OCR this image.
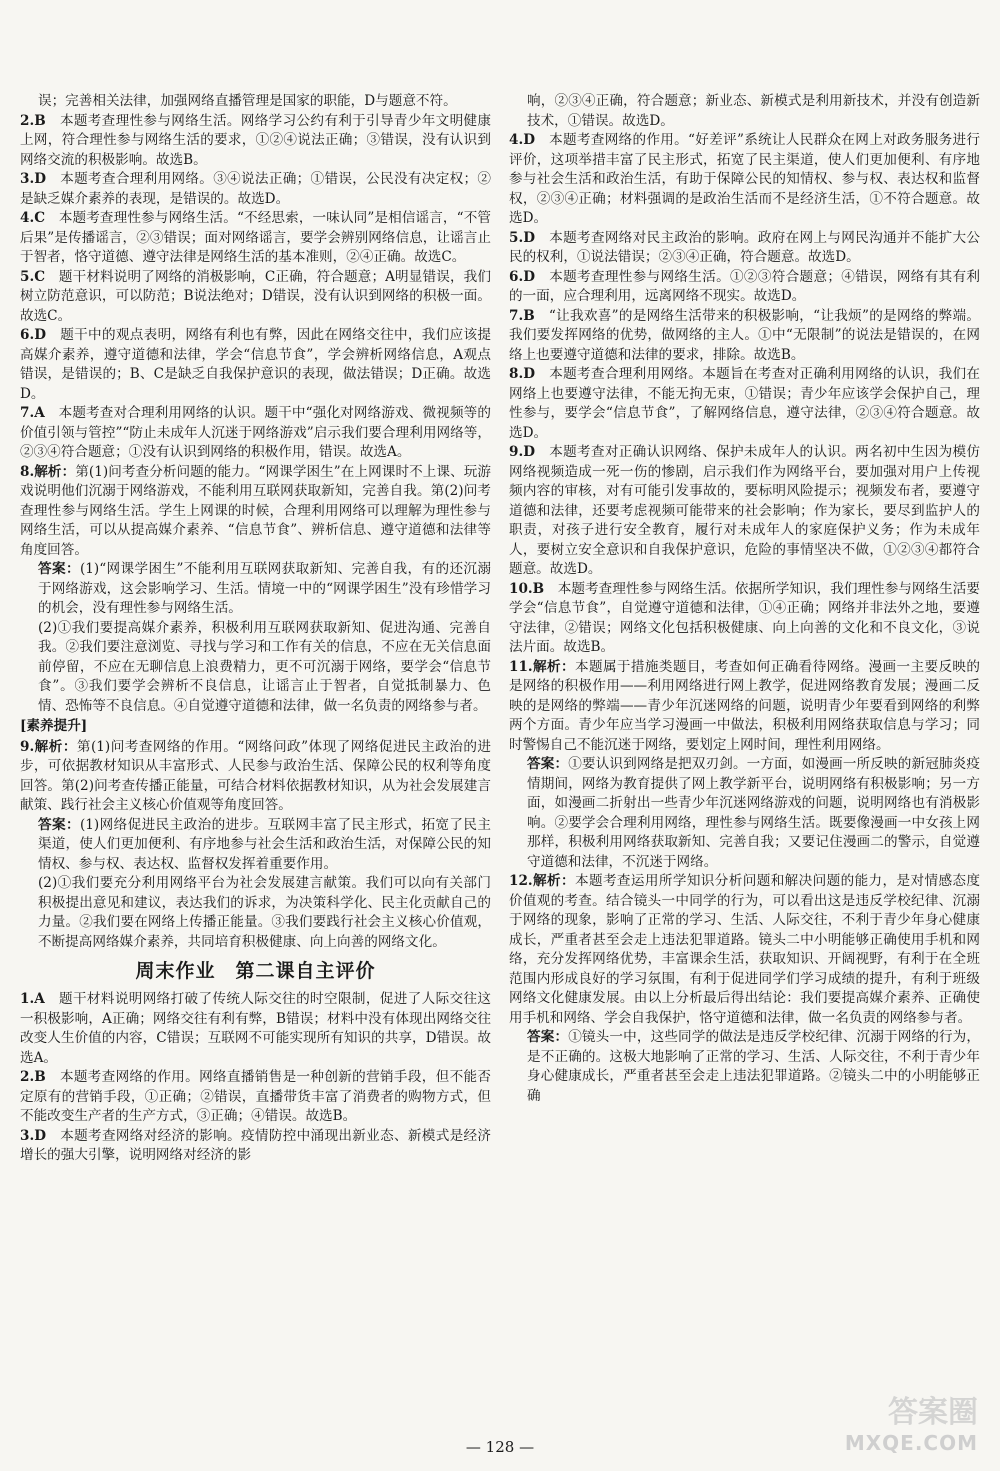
误；完善相关法律，加强网络直播管理是国家的职能，D与题意不符。

2.B　 本题考查理性参与网络生活。网络学习公约有利于引导青少年文明健康上网，符合理性参与网络生活的要求，①②④说法正确；③错误，没有认识到网络交流的积极影响。故选B。
3.D　 本题考查合理利用网络。③④说法正确；①错误，公民没有决定权；②是缺乏媒介素养的表现，是错误的。故选D。
4.C　 本题考查理性参与网络生活。“不经思索，一味认同”是相信谣言，“不管后果”是传播谣言，②③错误；面对网络谣言，要学会辨别网络信息，让谣言止于智者，恪守道德、遵守法律是网络生活的基本准则，②④正确。故选C。
5.C　 题干材料说明了网络的消极影响，C正确，符合题意；A明显错误，我们树立防范意识，可以防范；B说法绝对；D错误，没有认识到网络的积极一面。故选C。
6.D　 题干中的观点表明，网络有利也有弊，因此在网络交往中，我们应该提高媒介素养，遵守道德和法律，学会“信息节食”，学会辨析网络信息，A观点错误，是错误的；B、C是缺乏自我保护意识的表现，做法错误；D正确。故选D。
7.A　 本题考查对合理利用网络的认识。题干中“强化对网络游戏、微视频等的价值引领与管控”“防止未成年人沉迷于网络游戏”启示我们要合理利用网络等，②③④符合题意；①没有认识到网络的积极作用，错误。故选A。
8.解析：第(1)问考查分析问题的能力。“网课学困生”在上网课时不上课、玩游戏说明他们沉溺于网络游戏，不能利用互联网获取新知，完善自我。第(2)问考查理性参与网络生活。学生上网课的时候，合理利用网络可以理解为理性参与网络生活，可以从提高媒介素养、“信息节食”、辨析信息、遵守道德和法律等角度回答。
答案：(1)“网课学困生”不能利用互联网获取新知、完善自我，有的还沉溺于网络游戏，这会影响学习、生活。情境一中的“网课学困生”没有珍惜学习的机会，没有理性参与网络生活。
(2)①我们要提高媒介素养，积极利用互联网获取新知、促进沟通、完善自我。②我们要注意浏览、寻找与学习和工作有关的信息，不应在无关信息面前停留，不应在无聊信息上浪费精力，更不可沉溺于网络，要学会“信息节食”。③我们要学会辨析不良信息，让谣言止于智者，自觉抵制暴力、色情、恐怖等不良信息。④自觉遵守道德和法律，做一名负责的网络参与者。
[素养提升]
9.解析：第(1)问考查网络的作用。“网络问政”体现了网络促进民主政治的进步，可依据教材知识从丰富形式、人民参与政治生活、保障公民的权利等角度回答。第(2)问考查传播正能量，可结合材料依据教材知识，从为社会发展建言献策、践行社会主义核心价值观等角度回答。
答案：(1)网络促进民主政治的进步。互联网丰富了民主形式，拓宽了民主渠道，使人们更加便利、有序地参与社会生活和政治生活，对保障公民的知情权、参与权、表达权、监督权发挥着重要作用。
(2)①我们要充分利用网络平台为社会发展建言献策。我们可以向有关部门积极提出意见和建议，表达我们的诉求，为决策科学化、民主化贡献自己的力量。②我们要在网络上传播正能量。③我们要践行社会主义核心价值观，不断提高网络媒介素养，共同培育积极健康、向上向善的网络文化。
周末作业　第二课自主评价
1.A　 题干材料说明网络打破了传统人际交往的时空限制，促进了人际交往这一积极影响，A正确；网络交往有利有弊，B错误；材料中没有体现出网络交往改变人生价值的内容，C错误；互联网不可能实现所有知识的共享，D错误。故选A。
2.B　 本题考查网络的作用。网络直播销售是一种创新的营销手段，但不能否定原有的营销手段，①正确；②错误，直播带货丰富了消费者的购物方式，但不能改变生产者的生产方式，③正确；④错误。故选B。
3.D　 本题考查网络对经济的影响。疫情防控中涌现出新业态、新模式是经济增长的强大引擎，说明网络对经济的影

响，②③④正确，符合题意；新业态、新模式是利用新技术，并没有创造新技术，①错误。故选D。

4.D　 本题考查网络的作用。“好差评”系统让人民群众在网上对政务服务进行评价，这项举措丰富了民主形式，拓宽了民主渠道，使人们更加便利、有序地参与社会生活和政治生活，有助于保障公民的知情权、参与权、表达权和监督权，②③④正确；材料强调的是政治生活而不是经济生活，①不符合题意。故选D。
5.D　 本题考查网络对民主政治的影响。政府在网上与网民沟通并不能扩大公民的权利，①说法错误；②③④正确，符合题意。故选D。
6.D　 本题考查理性参与网络生活。①②③符合题意；④错误，网络有其有利的一面，应合理利用，远离网络不现实。故选D。
7.B　 “让我欢喜”的是网络生活带来的积极影响，“让我烦”的是网络的弊端。我们要发挥网络的优势，做网络的主人。①中“无限制”的说法是错误的，在网络上也要遵守道德和法律的要求，排除。故选B。
8.D　 本题考查合理利用网络。本题旨在考查对正确利用网络的认识，我们在网络上也要遵守法律，不能无拘无束，①错误；青少年应该学会保护自己，理性参与，要学会“信息节食”，了解网络信息，遵守法律，②③④符合题意。故选D。
9.D　 本题考查对正确认识网络、保护未成年人的认识。两名初中生因为模仿网络视频造成一死一伤的惨剧，启示我们作为网络平台，要加强对用户上传视频内容的审核，对有可能引发事故的，要标明风险提示；视频发布者，要遵守道德和法律，还要考虑视频可能带来的社会影响；作为家长，要尽到监护人的职责，对孩子进行安全教育，履行对未成年人的家庭保护义务；作为未成年人，要树立安全意识和自我保护意识，危险的事情坚决不做，①②③④都符合题意。故选D。
10.B　 本题考查理性参与网络生活。依据所学知识，我们理性参与网络生活要学会“信息节食”，自觉遵守道德和法律，①④正确；网络并非法外之地，要遵守法律，②错误；网络文化包括积极健康、向上向善的文化和不良文化，③说法片面。故选B。
11.解析：本题属于措施类题目，考查如何正确看待网络。漫画一主要反映的是网络的积极作用——利用网络进行网上教学，促进网络教育发展；漫画二反映的是网络的弊端——青少年沉迷网络的问题，说明青少年要看到网络的利弊两个方面。青少年应当学习漫画一中做法，积极利用网络获取信息与学习；同时警惕自己不能沉迷于网络，要划定上网时间，理性利用网络。
答案：①要认识到网络是把双刃剑。一方面，如漫画一所反映的新冠肺炎疫情期间，网络为教育提供了网上教学新平台，说明网络有积极影响；另一方面，如漫画二折射出一些青少年沉迷网络游戏的问题，说明网络也有消极影响。②要学会合理利用网络，理性参与网络生活。既要像漫画一中女孩上网那样，积极利用网络获取新知、完善自我；又要记住漫画二的警示，自觉遵守道德和法律，不沉迷于网络。
12.解析：本题考查运用所学知识分析问题和解决问题的能力，是对情感态度价值观的考查。结合镜头一中同学的行为，可以看出这是违反学校纪律、沉溺于网络的现象，影响了正常的学习、生活、人际交往，不利于青少年身心健康成长，严重者甚至会走上违法犯罪道路。镜头二中小明能够正确使用手机和网络，充分发挥网络优势，丰富课余生活，获取知识、开阔视野，有利于在全班范围内形成良好的学习氛围，有利于促进同学们学习成绩的提升，有利于班级网络文化健康发展。由以上分析最后得出结论：我们要提高媒介素养、正确使用手机和网络、学会自我保护，恪守道德和法律，做一名负责的网络参与者。
答案：①镜头一中，这些同学的做法是违反学校纪律、沉溺于网络的行为，是不正确的。这极大地影响了正常的学习、生活、人际交往，不利于青少年身心健康成长，严重者甚至会走上违法犯罪道路。②镜头二中的小明能够正确
— 128 —
答案圈
MXQE.COM
